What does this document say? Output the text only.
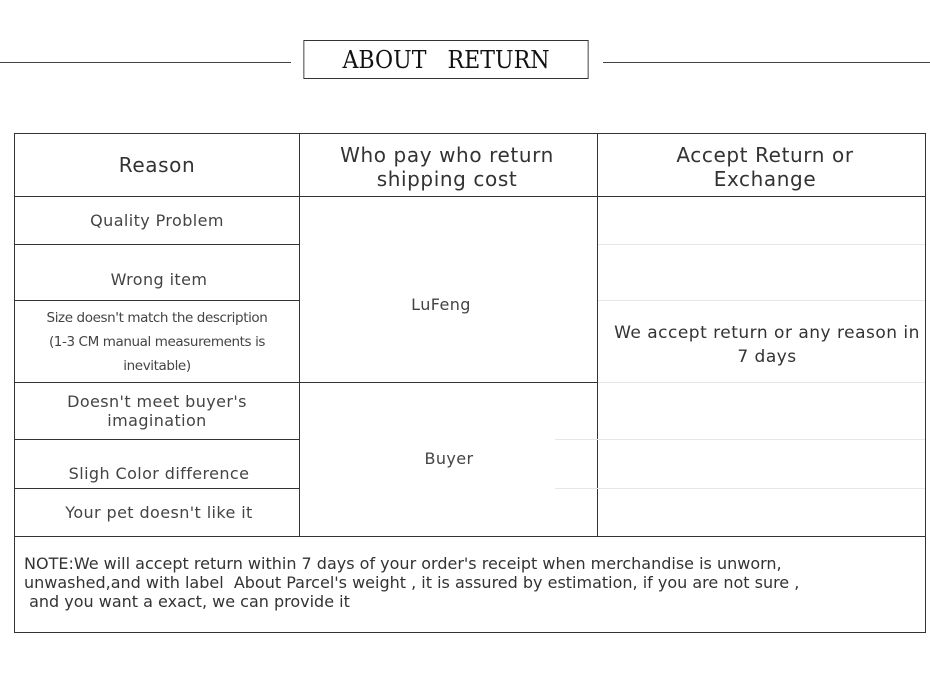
ABOUT   RETURN
Reason	Who pay who return shipping cost
Accept Return or Exchange
Quality Problem
Wrong item
Size doesn't match the description
(1-3 CM manual measurements is inevitable)
Doesn't meet buyer's imagination
Sligh Color difference
Your pet doesn't like it
LuFeng
Buyer
We accept return or any reason in 7 days
NOTE:We will accept return within 7 days of your order's receipt when merchandise is unworn,
unwashed,and with label  About Parcel's weight , it is assured by estimation, if you are not sure ,
and you want a exact, we can provide it
